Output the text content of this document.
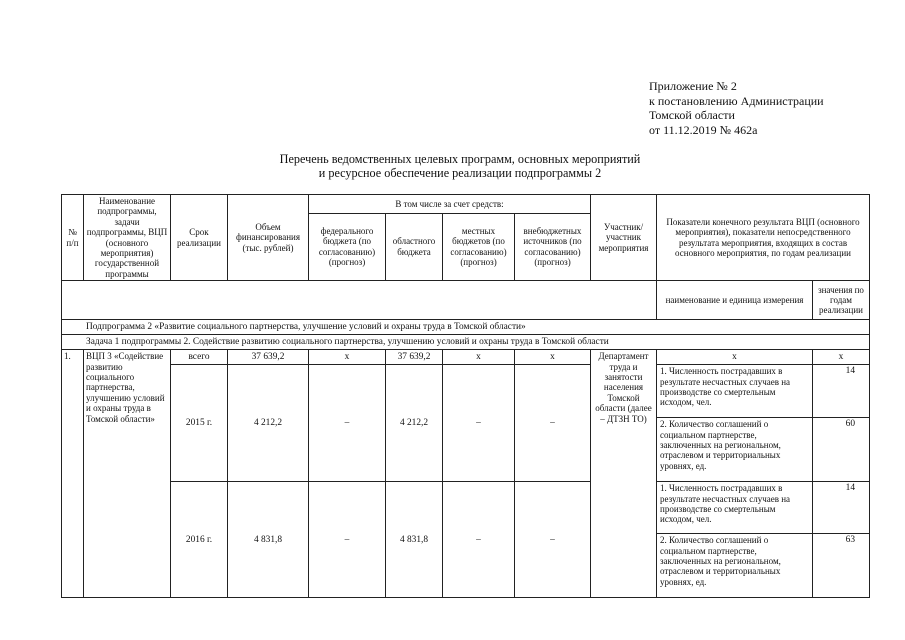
Приложение № 2
к постановлению Администрации
Томской области
от 11.12.2019 № 462а
Перечень ведомственных целевых программ, основных мероприятий
и ресурсное обеспечение реализации подпрограммы 2
№ п/п	Наименование подпрограммы, задачи подпрограммы, ВЦП (основного мероприятия) государственной программы	Срок реализации	Объем финансирования (тыс. рублей)	В том числе за счет средств:				Участник/ участник мероприятия	Показатели конечного результата ВЦП (основного мероприятия), показатели непосредственного результата мероприятия, входящих в состав основного мероприятия, по годам реализации	
				федерального бюджета (по согласованию) (прогноз)	областного бюджета	местных бюджетов (по согласованию) (прогноз)	внебюджетных источников (по согласованию) (прогноз)			
									наименование и единица измерения	значения по годам реализации
Подпрограмма 2 «Развитие социального партнерства, улучшение условий и охраны труда в Томской области»										
Задача 1 подпрограммы 2. Содействие развитию социального партнерства, улучшению условий и охраны труда в Томской области										
1.	ВЦП 3 «Содействие развитию социального партнерства, улучшению условий и охраны труда в Томской области»	всего	37 639,2	х	37 639,2	х	х	Департамент труда и занятости населения Томской области (далее – ДТЗН ТО)	х	х
		2015 г.	4 212,2	–	4 212,2	–	–		1. Численность пострадавших в результате несчастных случаев на производстве со смертельным исходом, чел.	14
									2. Количество соглашений о социальном партнерстве, заключенных на региональном, отраслевом и территориальных уровнях, ед.	60
		2016 г.	4 831,8	–	4 831,8	–	–		1. Численность пострадавших в результате несчастных случаев на производстве со смертельным исходом, чел.	14
									2. Количество соглашений о социальном партнерстве, заключенных на региональном, отраслевом и территориальных уровнях, ед.	63
